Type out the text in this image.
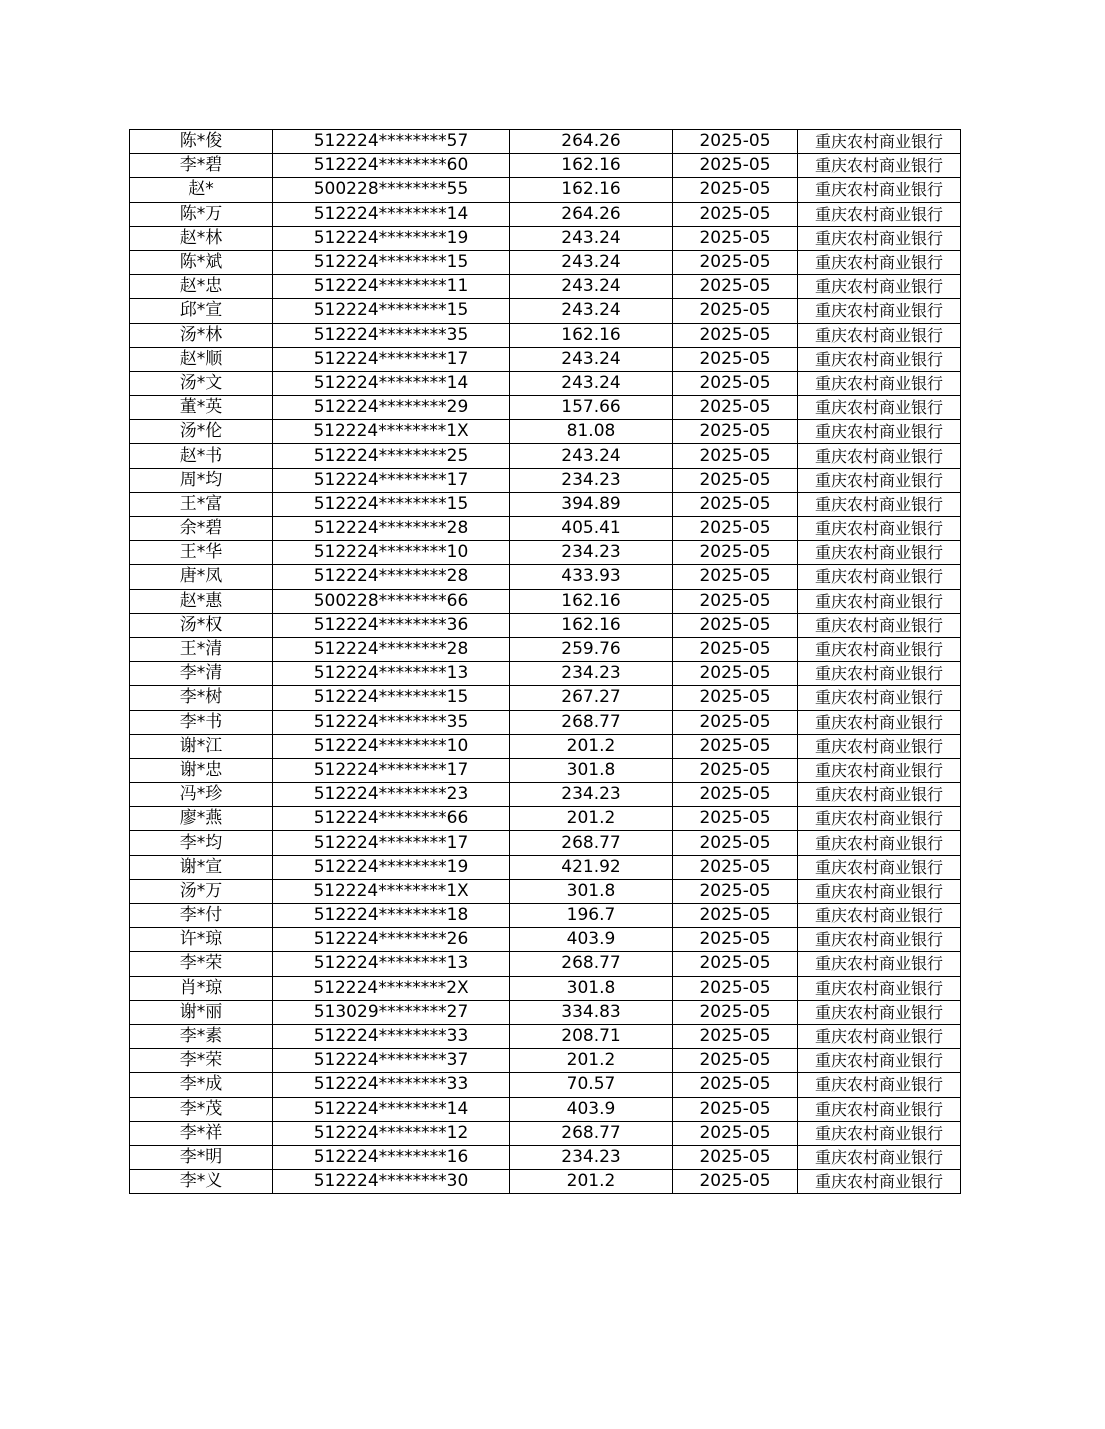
陈*俊	512224********57	264.26	2025-05	重庆农村商业银行
李*碧	512224********60	162.16	2025-05	重庆农村商业银行
赵*	500228********55	162.16	2025-05	重庆农村商业银行
陈*万	512224********14	264.26	2025-05	重庆农村商业银行
赵*林	512224********19	243.24	2025-05	重庆农村商业银行
陈*斌	512224********15	243.24	2025-05	重庆农村商业银行
赵*忠	512224********11	243.24	2025-05	重庆农村商业银行
邱*宣	512224********15	243.24	2025-05	重庆农村商业银行
汤*林	512224********35	162.16	2025-05	重庆农村商业银行
赵*顺	512224********17	243.24	2025-05	重庆农村商业银行
汤*文	512224********14	243.24	2025-05	重庆农村商业银行
董*英	512224********29	157.66	2025-05	重庆农村商业银行
汤*伦	512224********1X	81.08	2025-05	重庆农村商业银行
赵*书	512224********25	243.24	2025-05	重庆农村商业银行
周*均	512224********17	234.23	2025-05	重庆农村商业银行
王*富	512224********15	394.89	2025-05	重庆农村商业银行
余*碧	512224********28	405.41	2025-05	重庆农村商业银行
王*华	512224********10	234.23	2025-05	重庆农村商业银行
唐*凤	512224********28	433.93	2025-05	重庆农村商业银行
赵*惠	500228********66	162.16	2025-05	重庆农村商业银行
汤*权	512224********36	162.16	2025-05	重庆农村商业银行
王*清	512224********28	259.76	2025-05	重庆农村商业银行
李*清	512224********13	234.23	2025-05	重庆农村商业银行
李*树	512224********15	267.27	2025-05	重庆农村商业银行
李*书	512224********35	268.77	2025-05	重庆农村商业银行
谢*江	512224********10	201.2	2025-05	重庆农村商业银行
谢*忠	512224********17	301.8	2025-05	重庆农村商业银行
冯*珍	512224********23	234.23	2025-05	重庆农村商业银行
廖*燕	512224********66	201.2	2025-05	重庆农村商业银行
李*均	512224********17	268.77	2025-05	重庆农村商业银行
谢*宣	512224********19	421.92	2025-05	重庆农村商业银行
汤*万	512224********1X	301.8	2025-05	重庆农村商业银行
李*付	512224********18	196.7	2025-05	重庆农村商业银行
许*琼	512224********26	403.9	2025-05	重庆农村商业银行
李*荣	512224********13	268.77	2025-05	重庆农村商业银行
肖*琼	512224********2X	301.8	2025-05	重庆农村商业银行
谢*丽	513029********27	334.83	2025-05	重庆农村商业银行
李*素	512224********33	208.71	2025-05	重庆农村商业银行
李*荣	512224********37	201.2	2025-05	重庆农村商业银行
李*成	512224********33	70.57	2025-05	重庆农村商业银行
李*茂	512224********14	403.9	2025-05	重庆农村商业银行
李*祥	512224********12	268.77	2025-05	重庆农村商业银行
李*明	512224********16	234.23	2025-05	重庆农村商业银行
李*义	512224********30	201.2	2025-05	重庆农村商业银行
